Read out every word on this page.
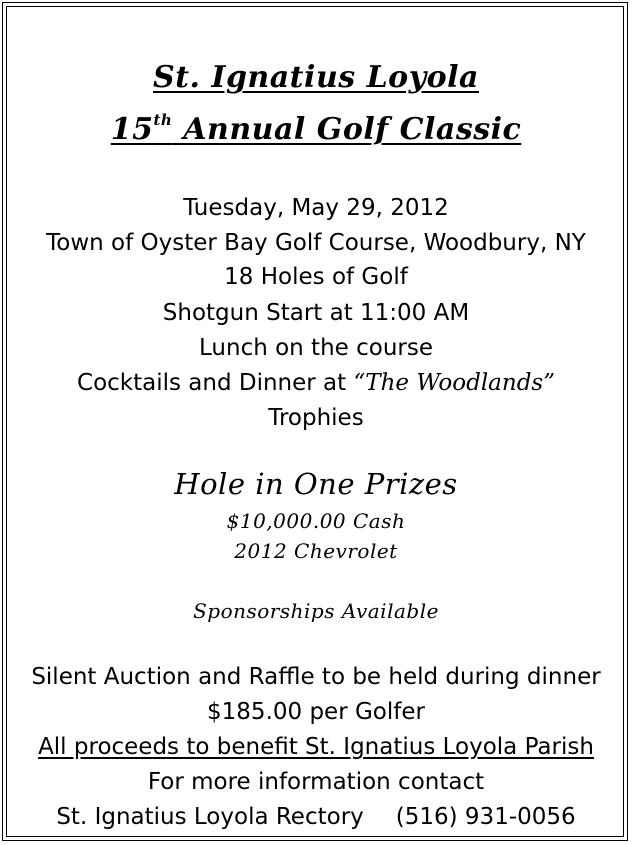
St. Ignatius Loyola
15th Annual Golf Classic
Tuesday, May 29, 2012
Town of Oyster Bay Golf Course, Woodbury, NY
18 Holes of Golf
Shotgun Start at 11:00 AM
Lunch on the course
Cocktails and Dinner at “The Woodlands”
Trophies
Hole in One Prizes
$10,000.00 Cash
2012 Chevrolet
Sponsorships Available
Silent Auction and Raffle to be held during dinner
$185.00 per Golfer
All proceeds to benefit St. Ignatius Loyola Parish
For more information contact
St. Ignatius Loyola Rectory (516) 931-0056
